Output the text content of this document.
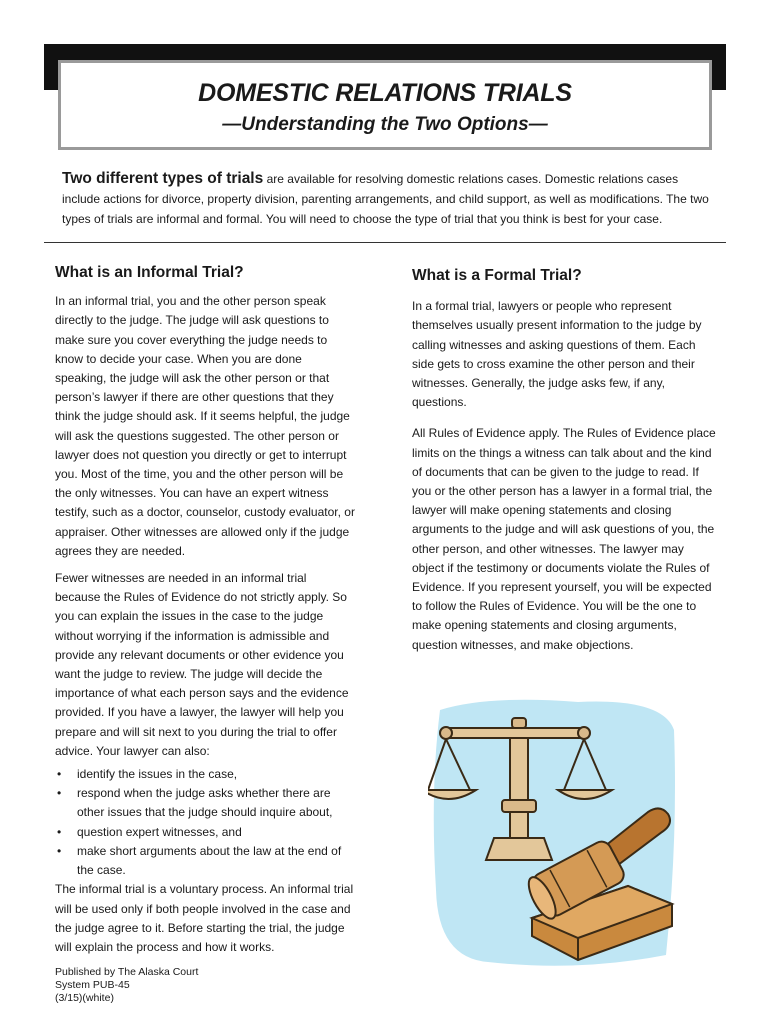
DOMESTIC RELATIONS TRIALS
—Understanding the Two Options—
Two different types of trials are available for resolving domestic relations cases. Domestic relations cases include actions for divorce, property division, parenting arrangements, and child support, as well as modifications. The two types of trials are informal and formal. You will need to choose the type of trial that you think is best for your case.
What is an Informal Trial?

In an informal trial, you and the other person speak directly to the judge. The judge will ask questions to make sure you cover everything the judge needs to know to decide your case. When you are done speaking, the judge will ask the other person or that person’s lawyer if there are other questions that they think the judge should ask. If it seems helpful, the judge will ask the questions suggested. The other person or lawyer does not question you directly or get to interrupt you. Most of the time, you and the other person will be the only witnesses. You can have an expert witness testify, such as a doctor, counselor, custody evaluator, or appraiser. Other witnesses are allowed only if the judge agrees they are needed.

Fewer witnesses are needed in an informal trial because the Rules of Evidence do not strictly apply. So you can explain the issues in the case to the judge without worrying if the information is admissible and provide any relevant documents or other evidence you want the judge to review. The judge will decide the importance of what each person says and the evidence provided. If you have a lawyer, the lawyer will help you prepare and will sit next to you during the trial to offer advice. Your lawyer can also:

• identify the issues in the case,
• respond when the judge asks whether there are other issues that the judge should inquire about,
• question expert witnesses, and
• make short arguments about the law at the end of the case.

The informal trial is a voluntary process. An informal trial will be used only if both people involved in the case and the judge agree to it. Before starting the trial, the judge will explain the process and how it works.

What is a Formal Trial?

In a formal trial, lawyers or people who represent themselves usually present information to the judge by calling witnesses and asking questions of them. Each side gets to cross examine the other person and their witnesses. Generally, the judge asks few, if any, questions.

All Rules of Evidence apply. The Rules of Evidence place limits on the things a witness can talk about and the kind of documents that can be given to the judge to read. If you or the other person has a lawyer in a formal trial, the lawyer will make opening statements and closing arguments to the judge and will ask questions of you, the other person, and other witnesses. The lawyer may object if the testimony or documents violate the Rules of Evidence. If you represent yourself, you will be expected to follow the Rules of Evidence. You will be the one to make opening statements and closing arguments, question witnesses, and make objections.

Published by The Alaska Court
System PUB-45
(3/15)(white)
